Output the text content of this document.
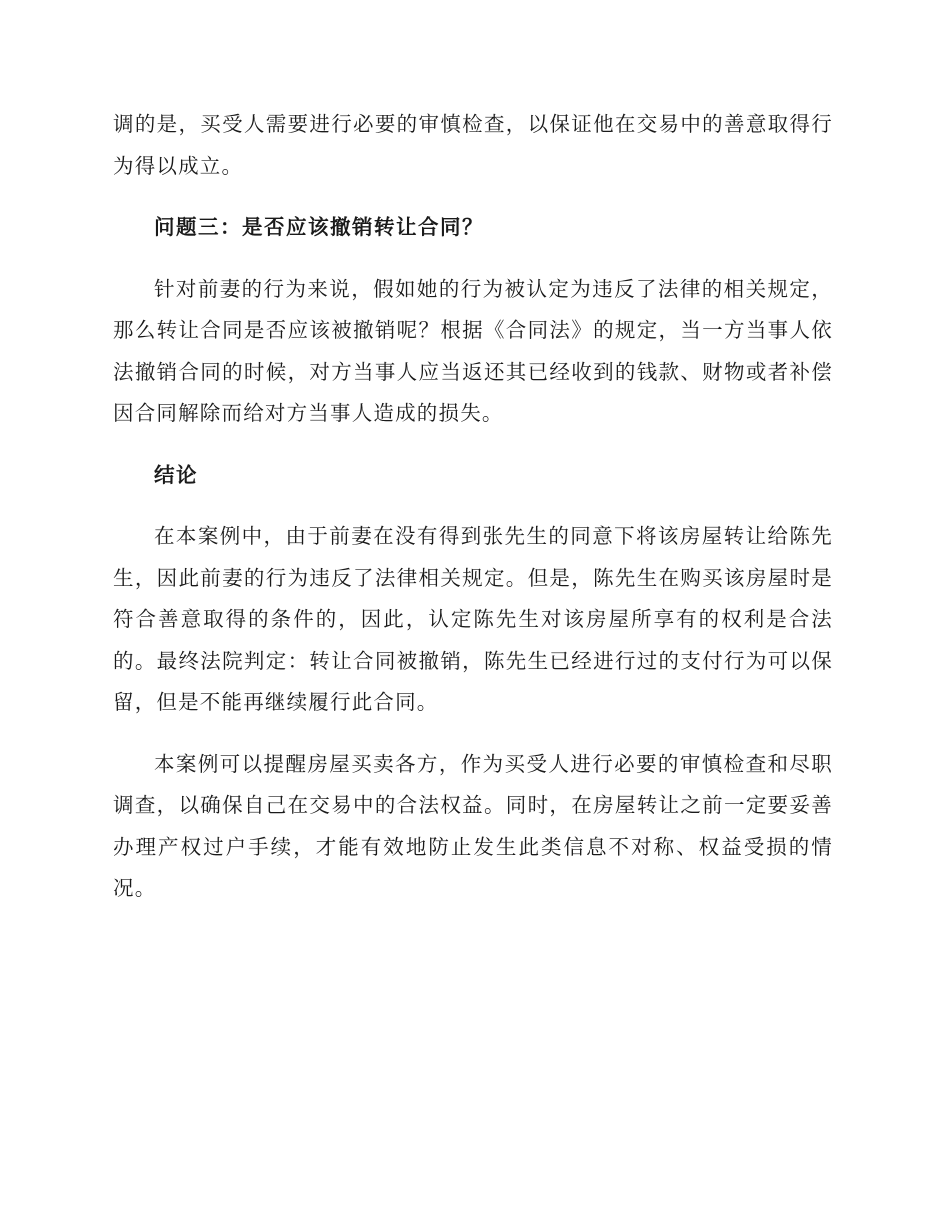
调的是，买受人需要进行必要的审慎检查，以保证他在交易中的善意取得行为得以成立。

问题三：是否应该撤销转让合同？

针对前妻的行为来说，假如她的行为被认定为违反了法律的相关规定，那么转让合同是否应该被撤销呢？根据《合同法》的规定，当一方当事人依法撤销合同的时候，对方当事人应当返还其已经收到的钱款、财物或者补偿因合同解除而给对方当事人造成的损失。

结论

在本案例中，由于前妻在没有得到张先生的同意下将该房屋转让给陈先生，因此前妻的行为违反了法律相关规定。但是，陈先生在购买该房屋时是符合善意取得的条件的，因此，认定陈先生对该房屋所享有的权利是合法的。最终法院判定：转让合同被撤销，陈先生已经进行过的支付行为可以保留，但是不能再继续履行此合同。

本案例可以提醒房屋买卖各方，作为买受人进行必要的审慎检查和尽职调查，以确保自己在交易中的合法权益。同时，在房屋转让之前一定要妥善办理产权过户手续，才能有效地防止发生此类信息不对称、权益受损的情况。
